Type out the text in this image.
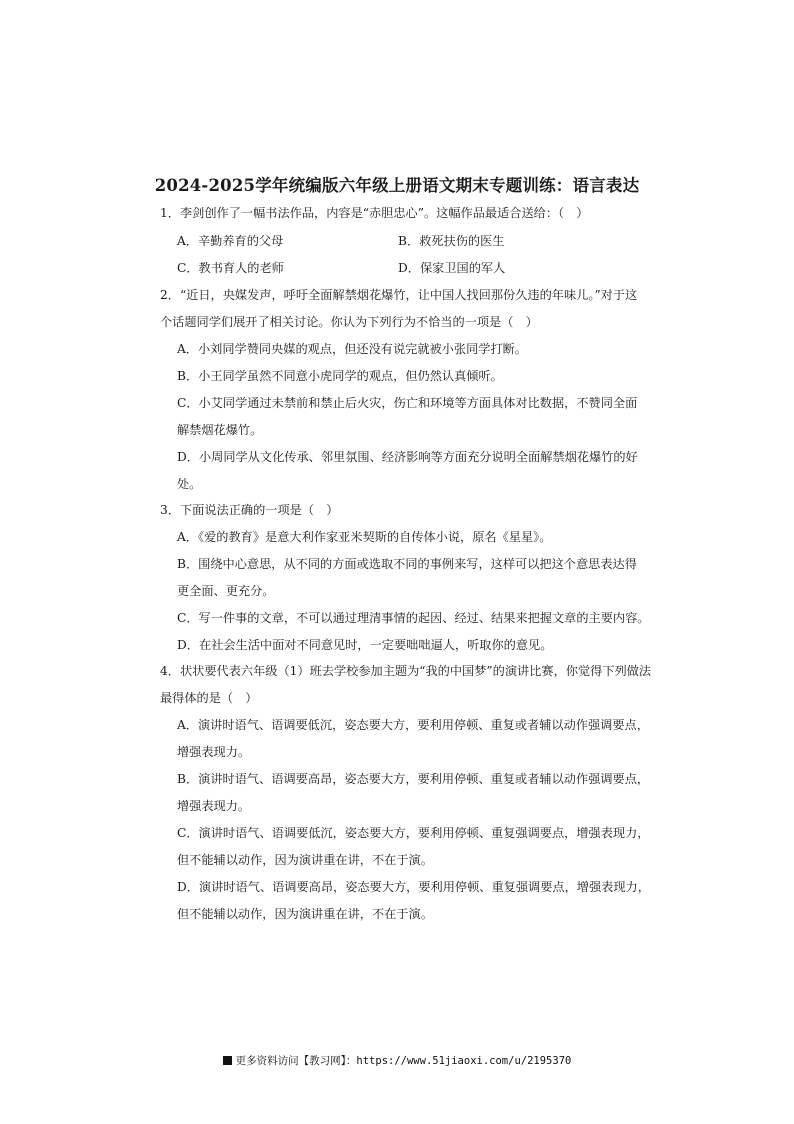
2024-2025学年统编版六年级上册语文期末专题训练：语言表达
1．李剑创作了一幅书法作品，内容是“赤胆忠心”。这幅作品最适合送给：（　）
A．辛勤养育的父母	B．救死扶伤的医生
C．教书育人的老师	D．保家卫国的军人
2．“近日，央媒发声，呼吁全面解禁烟花爆竹，让中国人找回那份久违的年味儿。”对于这
个话题同学们展开了相关讨论。你认为下列行为不恰当的一项是（　）
A．小刘同学赞同央媒的观点，但还没有说完就被小张同学打断。
B．小王同学虽然不同意小虎同学的观点，但仍然认真倾听。
C．小艾同学通过未禁前和禁止后火灾，伤亡和环境等方面具体对比数据，不赞同全面
解禁烟花爆竹。
D．小周同学从文化传承、邻里氛围、经济影响等方面充分说明全面解禁烟花爆竹的好
处。
3．下面说法正确的一项是（　）
A．《爱的教育》是意大利作家亚米契斯的自传体小说，原名《星星》。
B．围绕中心意思，从不同的方面或选取不同的事例来写，这样可以把这个意思表达得
更全面、更充分。
C．写一件事的文章，不可以通过理清事情的起因、经过、结果来把握文章的主要内容。
D．在社会生活中面对不同意见时，一定要咄咄逼人，听取你的意见。
4．状状要代表六年级（1）班去学校参加主题为“我的中国梦”的演讲比赛，你觉得下列做法
最得体的是（　）
A．演讲时语气、语调要低沉，姿态要大方，要利用停顿、重复或者辅以动作强调要点，
增强表现力。
B．演讲时语气、语调要高昂，姿态要大方，要利用停顿、重复或者辅以动作强调要点，
增强表现力。
C．演讲时语气、语调要低沉，姿态要大方，要利用停顿、重复强调要点，增强表现力，
但不能辅以动作，因为演讲重在讲，不在于演。
D．演讲时语气、语调要高昂，姿态要大方，要利用停顿、重复强调要点，增强表现力，
但不能辅以动作，因为演讲重在讲，不在于演。
更多资料访问【教习网】：https://www.51jiaoxi.com/u/2195370
